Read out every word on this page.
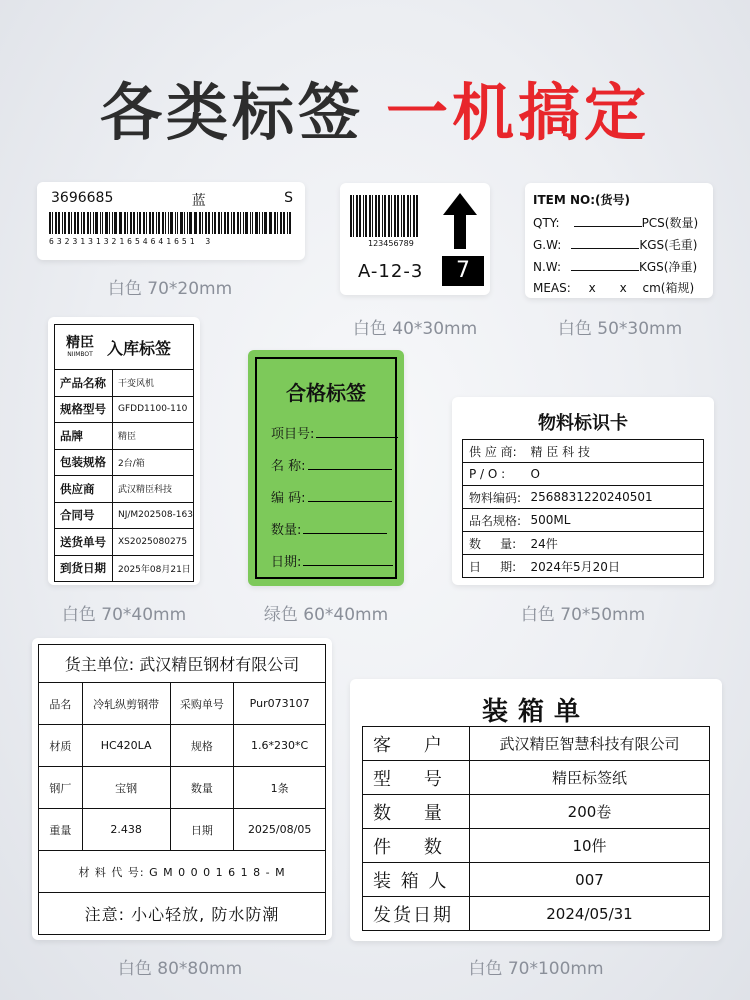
各类标签 一机搞定
3696685	蓝	S
6323131321654641651 3
白色 70*20mm
123456789
A-12-3	7
白色 40*30mm
ITEM NO:(货号)
QTY:	PCS(数量)
G.W:	KGS(毛重)
N.W:	KGS(净重)
MEAS: x x cm(箱规)
白色 50*30mm
精臣
NIIMBOT 入库标签	

产品名称	干变风机
规格型号	GFDD1100-110
品牌	精臣
包装规格	2台/箱
供应商	武汉精臣科技
合同号	NJ/M202508-163
送货单号	XS2025080275
到货日期	2025年08月21日
白色 70*40mm
合格标签
项目号:
名 称:
编 码:
数量:
日期:
绿色 60*40mm
物料标识卡
供 应 商:	精 臣 科 技
P / O :	O
物料编码:	2568831220240501
品名规格:	500ML
数     量:	24件
日     期:	2024年5月20日
白色 70*50mm
货主单位: 武汉精臣钢材有限公司			
品名	冷轧纵剪钢带	采购单号	Pur073107
材质	HC420LA	规格	1.6*230*C
钢厂	宝钢	数量	1条
重量	2.438	日期	2025/08/05
材 料 代 号: G M 0 0 0 1 6 1 8 - M			
注意: 小心轻放, 防水防潮			
白色 80*80mm
装箱单
客    户	武汉精臣智慧科技有限公司
型    号	精臣标签纸
数    量	200卷
件    数	10件
装 箱 人	007
发货日期	2024/05/31
白色 70*100mm
